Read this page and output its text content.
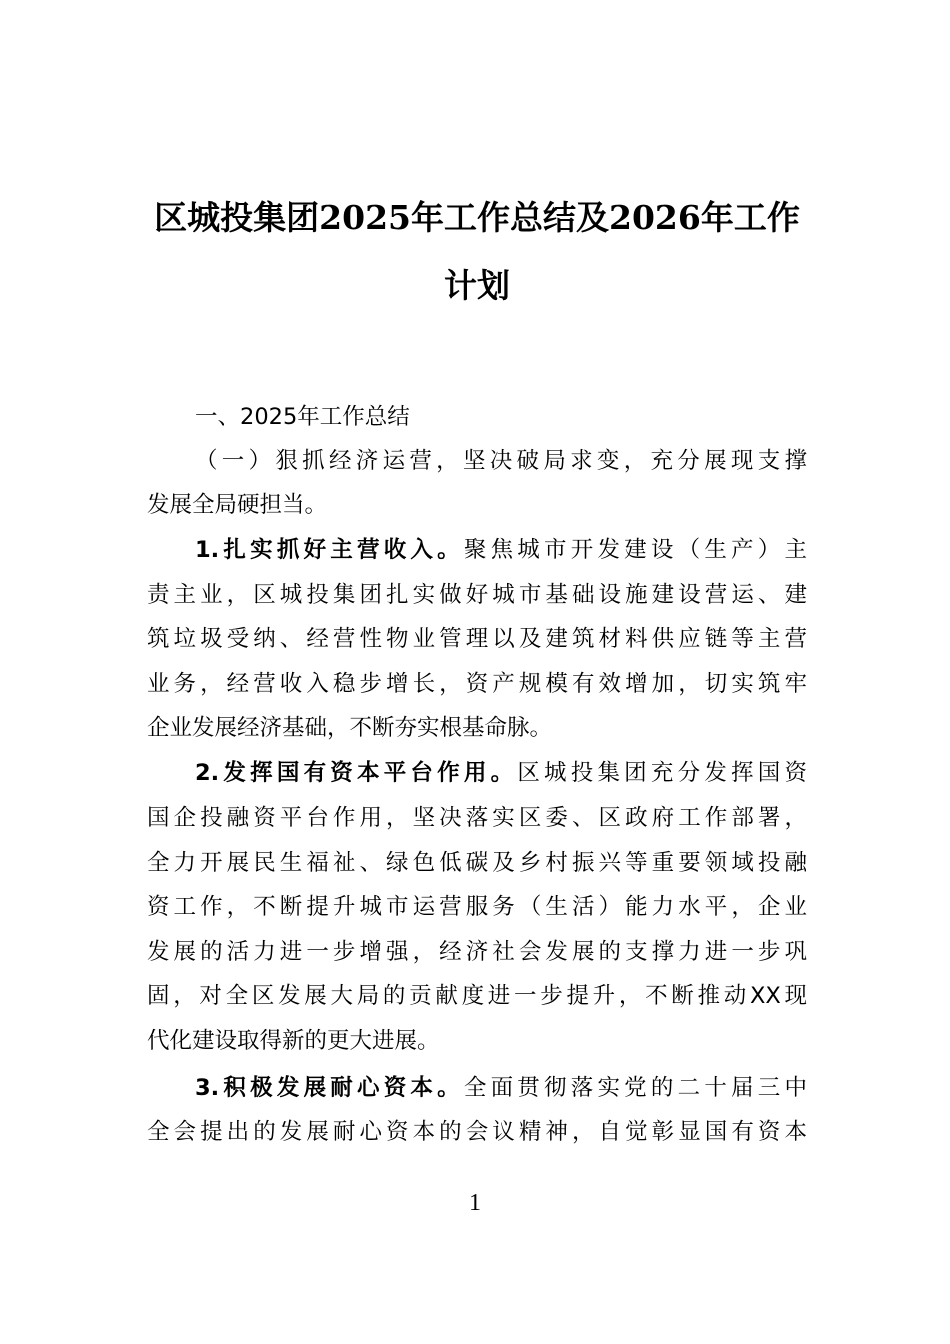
区城投集团2025年工作总结及2026年工作
计划
一、2025年工作总结
（一）狠抓经济运营，坚决破局求变，充分展现支撑
发展全局硬担当。
1.扎实抓好主营收入。聚焦城市开发建设（生产）主
责主业，区城投集团扎实做好城市基础设施建设营运、建
筑垃圾受纳、经营性物业管理以及建筑材料供应链等主营
业务，经营收入稳步增长，资产规模有效增加，切实筑牢
企业发展经济基础，不断夯实根基命脉。
2.发挥国有资本平台作用。区城投集团充分发挥国资
国企投融资平台作用，坚决落实区委、区政府工作部署，
全力开展民生福祉、绿色低碳及乡村振兴等重要领域投融
资工作，不断提升城市运营服务（生活）能力水平，企业
发展的活力进一步增强，经济社会发展的支撑力进一步巩
固，对全区发展大局的贡献度进一步提升，不断推动XX现
代化建设取得新的更大进展。
3.积极发展耐心资本。全面贯彻落实党的二十届三中
全会提出的发展耐心资本的会议精神，自觉彰显国有资本
1
